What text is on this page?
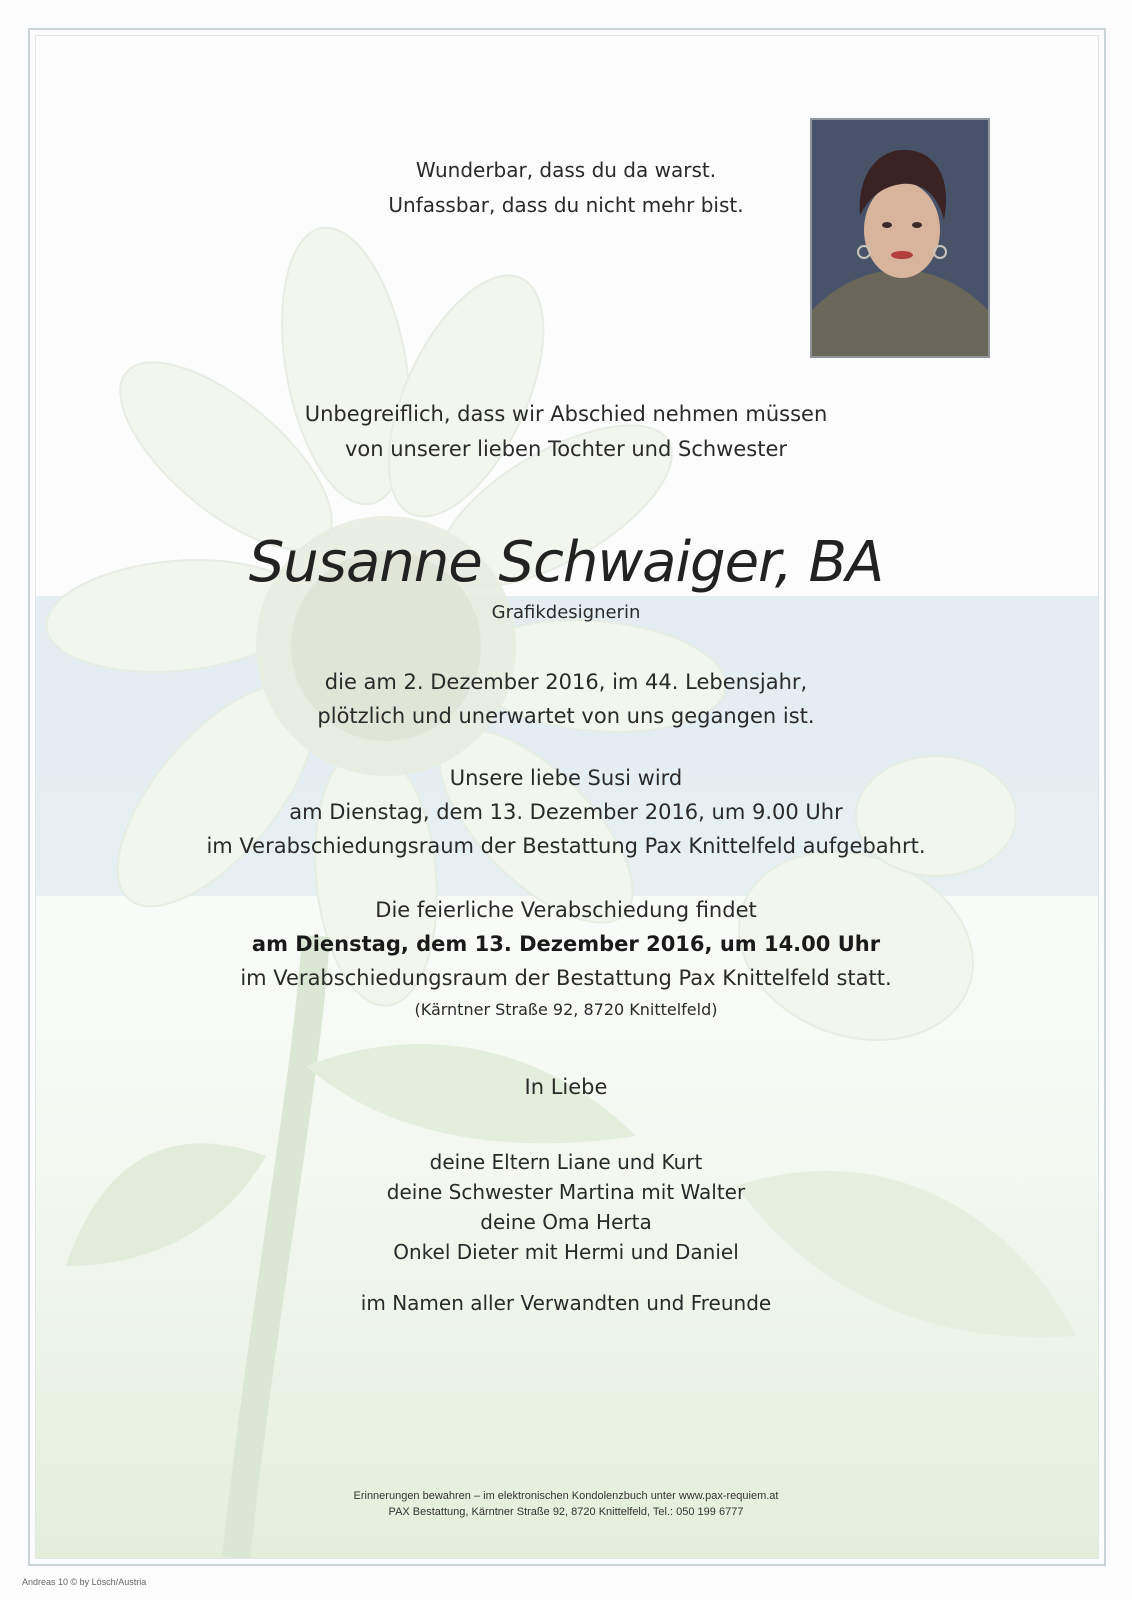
Wunderbar, dass du da warst.
Unfassbar, dass du nicht mehr bist.
Unbegreiflich, dass wir Abschied nehmen müssen
von unserer lieben Tochter und Schwester
Susanne Schwaiger, BA
Grafikdesignerin
die am 2. Dezember 2016, im 44. Lebensjahr,
plötzlich und unerwartet von uns gegangen ist.
Unsere liebe Susi wird
am Dienstag, dem 13. Dezember 2016, um 9.00 Uhr
im Verabschiedungsraum der Bestattung Pax Knittelfeld aufgebahrt.
Die feierliche Verabschiedung findet
am Dienstag, dem 13. Dezember 2016, um 14.00 Uhr
im Verabschiedungsraum der Bestattung Pax Knittelfeld statt.
(Kärntner Straße 92, 8720 Knittelfeld)
In Liebe
deine Eltern Liane und Kurt
deine Schwester Martina mit Walter
deine Oma Herta
Onkel Dieter mit Hermi und Daniel
im Namen aller Verwandten und Freunde
Erinnerungen bewahren – im elektronischen Kondolenzbuch unter www.pax-requiem.at
PAX Bestattung, Kärntner Straße 92, 8720 Knittelfeld, Tel.: 050 199 6777
Andreas 10 © by Lösch/Austria
